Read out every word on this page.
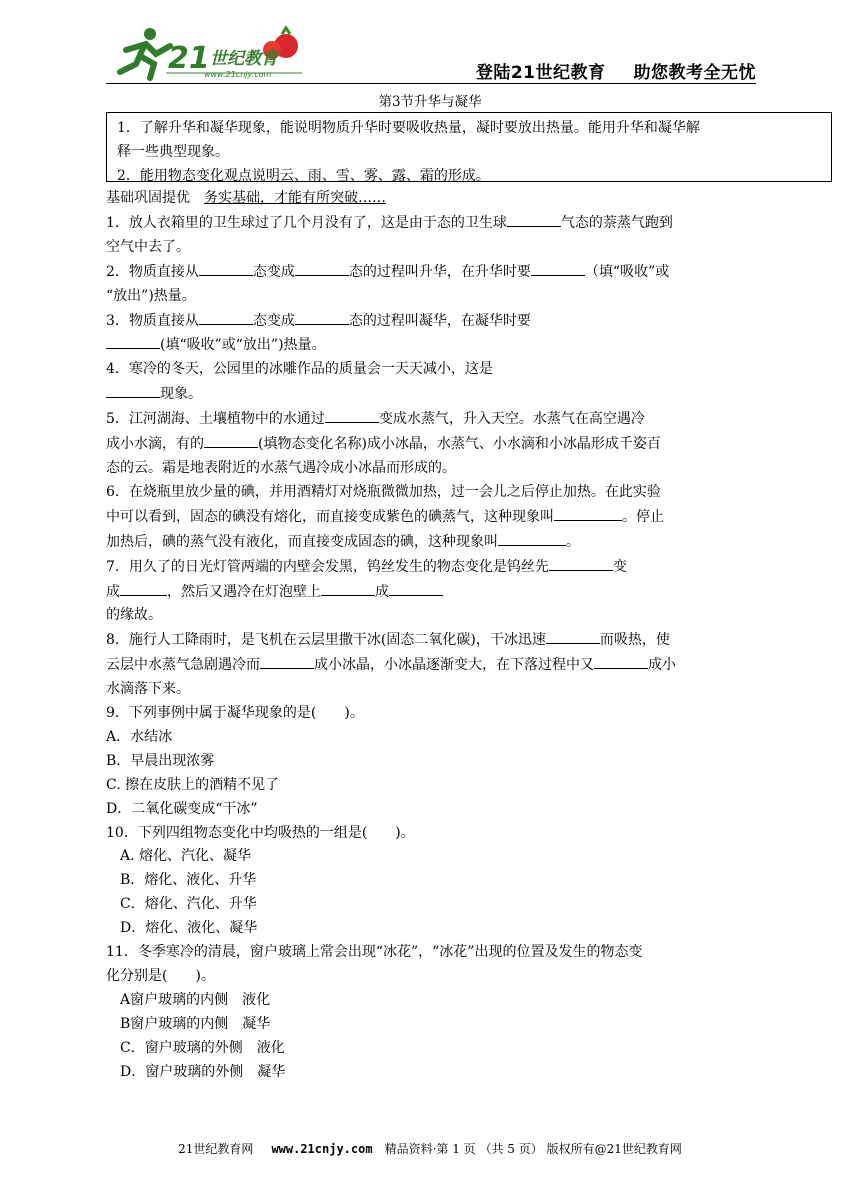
21 世纪教育
www.21cnjy.com	登陆21世纪教育 助您教考全无忧
第3节升华与凝华

1．了解升华和凝华现象，能说明物质升华时要吸收热量，凝时要放出热量。能用升华和凝华解

释一些典型现象。

2．能用物态变化观点说明云、雨、雪、雾、露、霜的形成。

基础巩固提优 务实基础，才能有所突破……

1．放人衣箱里的卫生球过了几个月没有了，这是由于态的卫生球	气态的萘蒸气跑到

空气中去了。

2．物质直接从	态变成	态的过程叫升华，在升华时要	（填“吸收”或

“放出”)热量。

3．物质直接从	态变成	态的过程叫凝华，在凝华时要

(填“吸收”或“放出”)热量。

4．寒冷的冬天，公园里的冰雕作品的质量会一天天减小，这是

现象。

5．江河湖海、土壤植物中的水通过	变成水蒸气，升入天空。水蒸气在高空遇冷

成小水滴，有的	(填物态变化名称)成小冰晶，水蒸气、小水滴和小冰晶形成千姿百

态的云。霜是地表附近的水蒸气遇冷成小冰晶而形成的。

6．在烧瓶里放少量的碘，并用酒精灯对烧瓶微微加热，过一会儿之后停止加热。在此实验

中可以看到，固态的碘没有熔化，而直接变成紫色的碘蒸气，这种现象叫	。停止

加热后，碘的蒸气没有液化，而直接变成固态的碘，这种现象叫	。

7．用久了的日光灯管两端的内壁会发黑，钨丝发生的物态变化是钨丝先	变

成	，然后又遇冷在灯泡壁上	成

的缘故。

8．施行人工降雨时，是飞机在云层里撒干冰(固态二氧化碳)，干冰迅速	而吸热，使

云层中水蒸气急剧遇冷而	成小冰晶，小冰晶逐渐变大，在下落过程中又	成小

水滴落下来。

9．下列事例中属于凝华现象的是(　　)。

A．水结冰

B．早晨出现浓雾

C. 擦在皮肤上的酒精不见了

D．二氧化碳变成“干冰”

10．下列四组物态变化中均吸热的一组是(　　)。

A. 熔化、汽化、凝华

B．熔化、液化、升华

C．熔化、汽化、升华

D．熔化、液化、凝华

11．冬季寒冷的清晨，窗户玻璃上常会出现“冰花”，“冰花”出现的位置及发生的物态变

化分别是(　　)。

A窗户玻璃的内侧　液化

B窗户玻璃的内侧　凝华

C．窗户玻璃的外侧　液化

D．窗户玻璃的外侧　凝华

21世纪教育网 www.21cnjy.com 精品资料·第 1 页 （共 5 页） 版权所有@21世纪教育网
